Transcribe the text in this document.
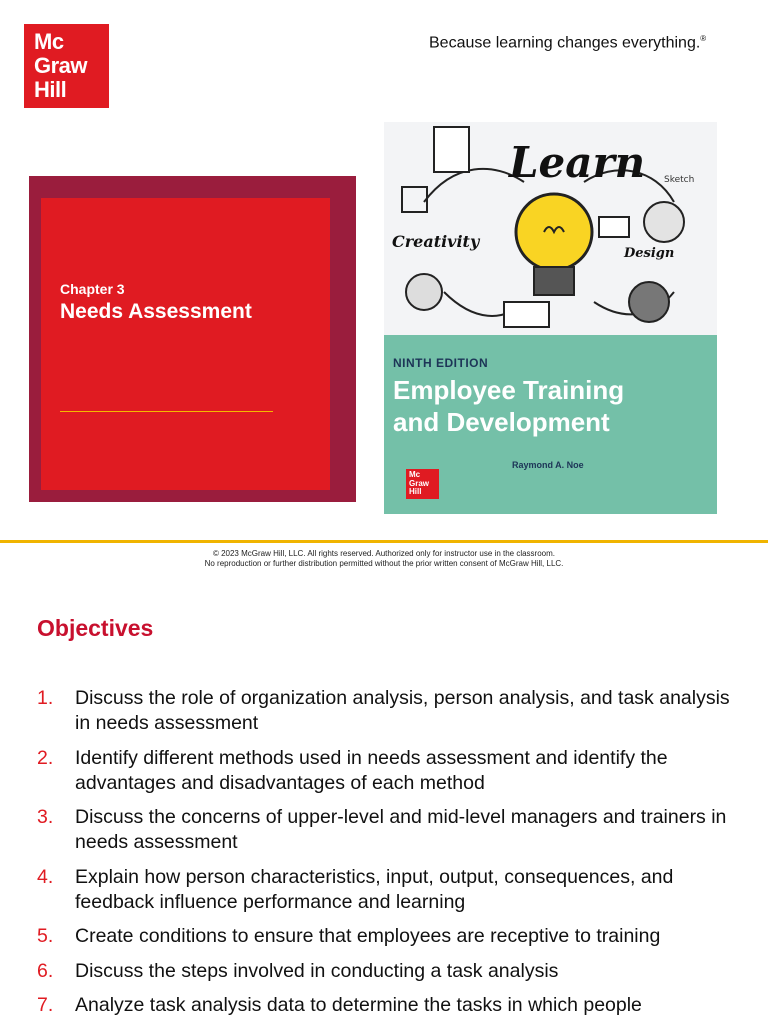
Mc
Graw
Hill
Because learning changes everything.®
Chapter 3
Needs Assessment
Learn
Creativity
Design
Sketch
NINTH EDITION
Employee Training
and Development
Raymond A. Noe
Mc
Graw
Hill
© 2023 McGraw Hill, LLC. All rights reserved. Authorized only for instructor use in the classroom.
No reproduction or further distribution permitted without the prior written consent of McGraw Hill, LLC.
Objectives
1. Discuss the role of organization analysis, person analysis, and task analysis in needs assessment
2. Identify different methods used in needs assessment and identify the advantages and disadvantages of each method
3. Discuss the concerns of upper-level and mid-level managers and trainers in needs assessment
4. Explain how person characteristics, input, output, consequences, and feedback influence performance and learning
5. Create conditions to ensure that employees are receptive to training
6. Discuss the steps involved in conducting a task analysis
7. Analyze task analysis data to determine the tasks in which people
